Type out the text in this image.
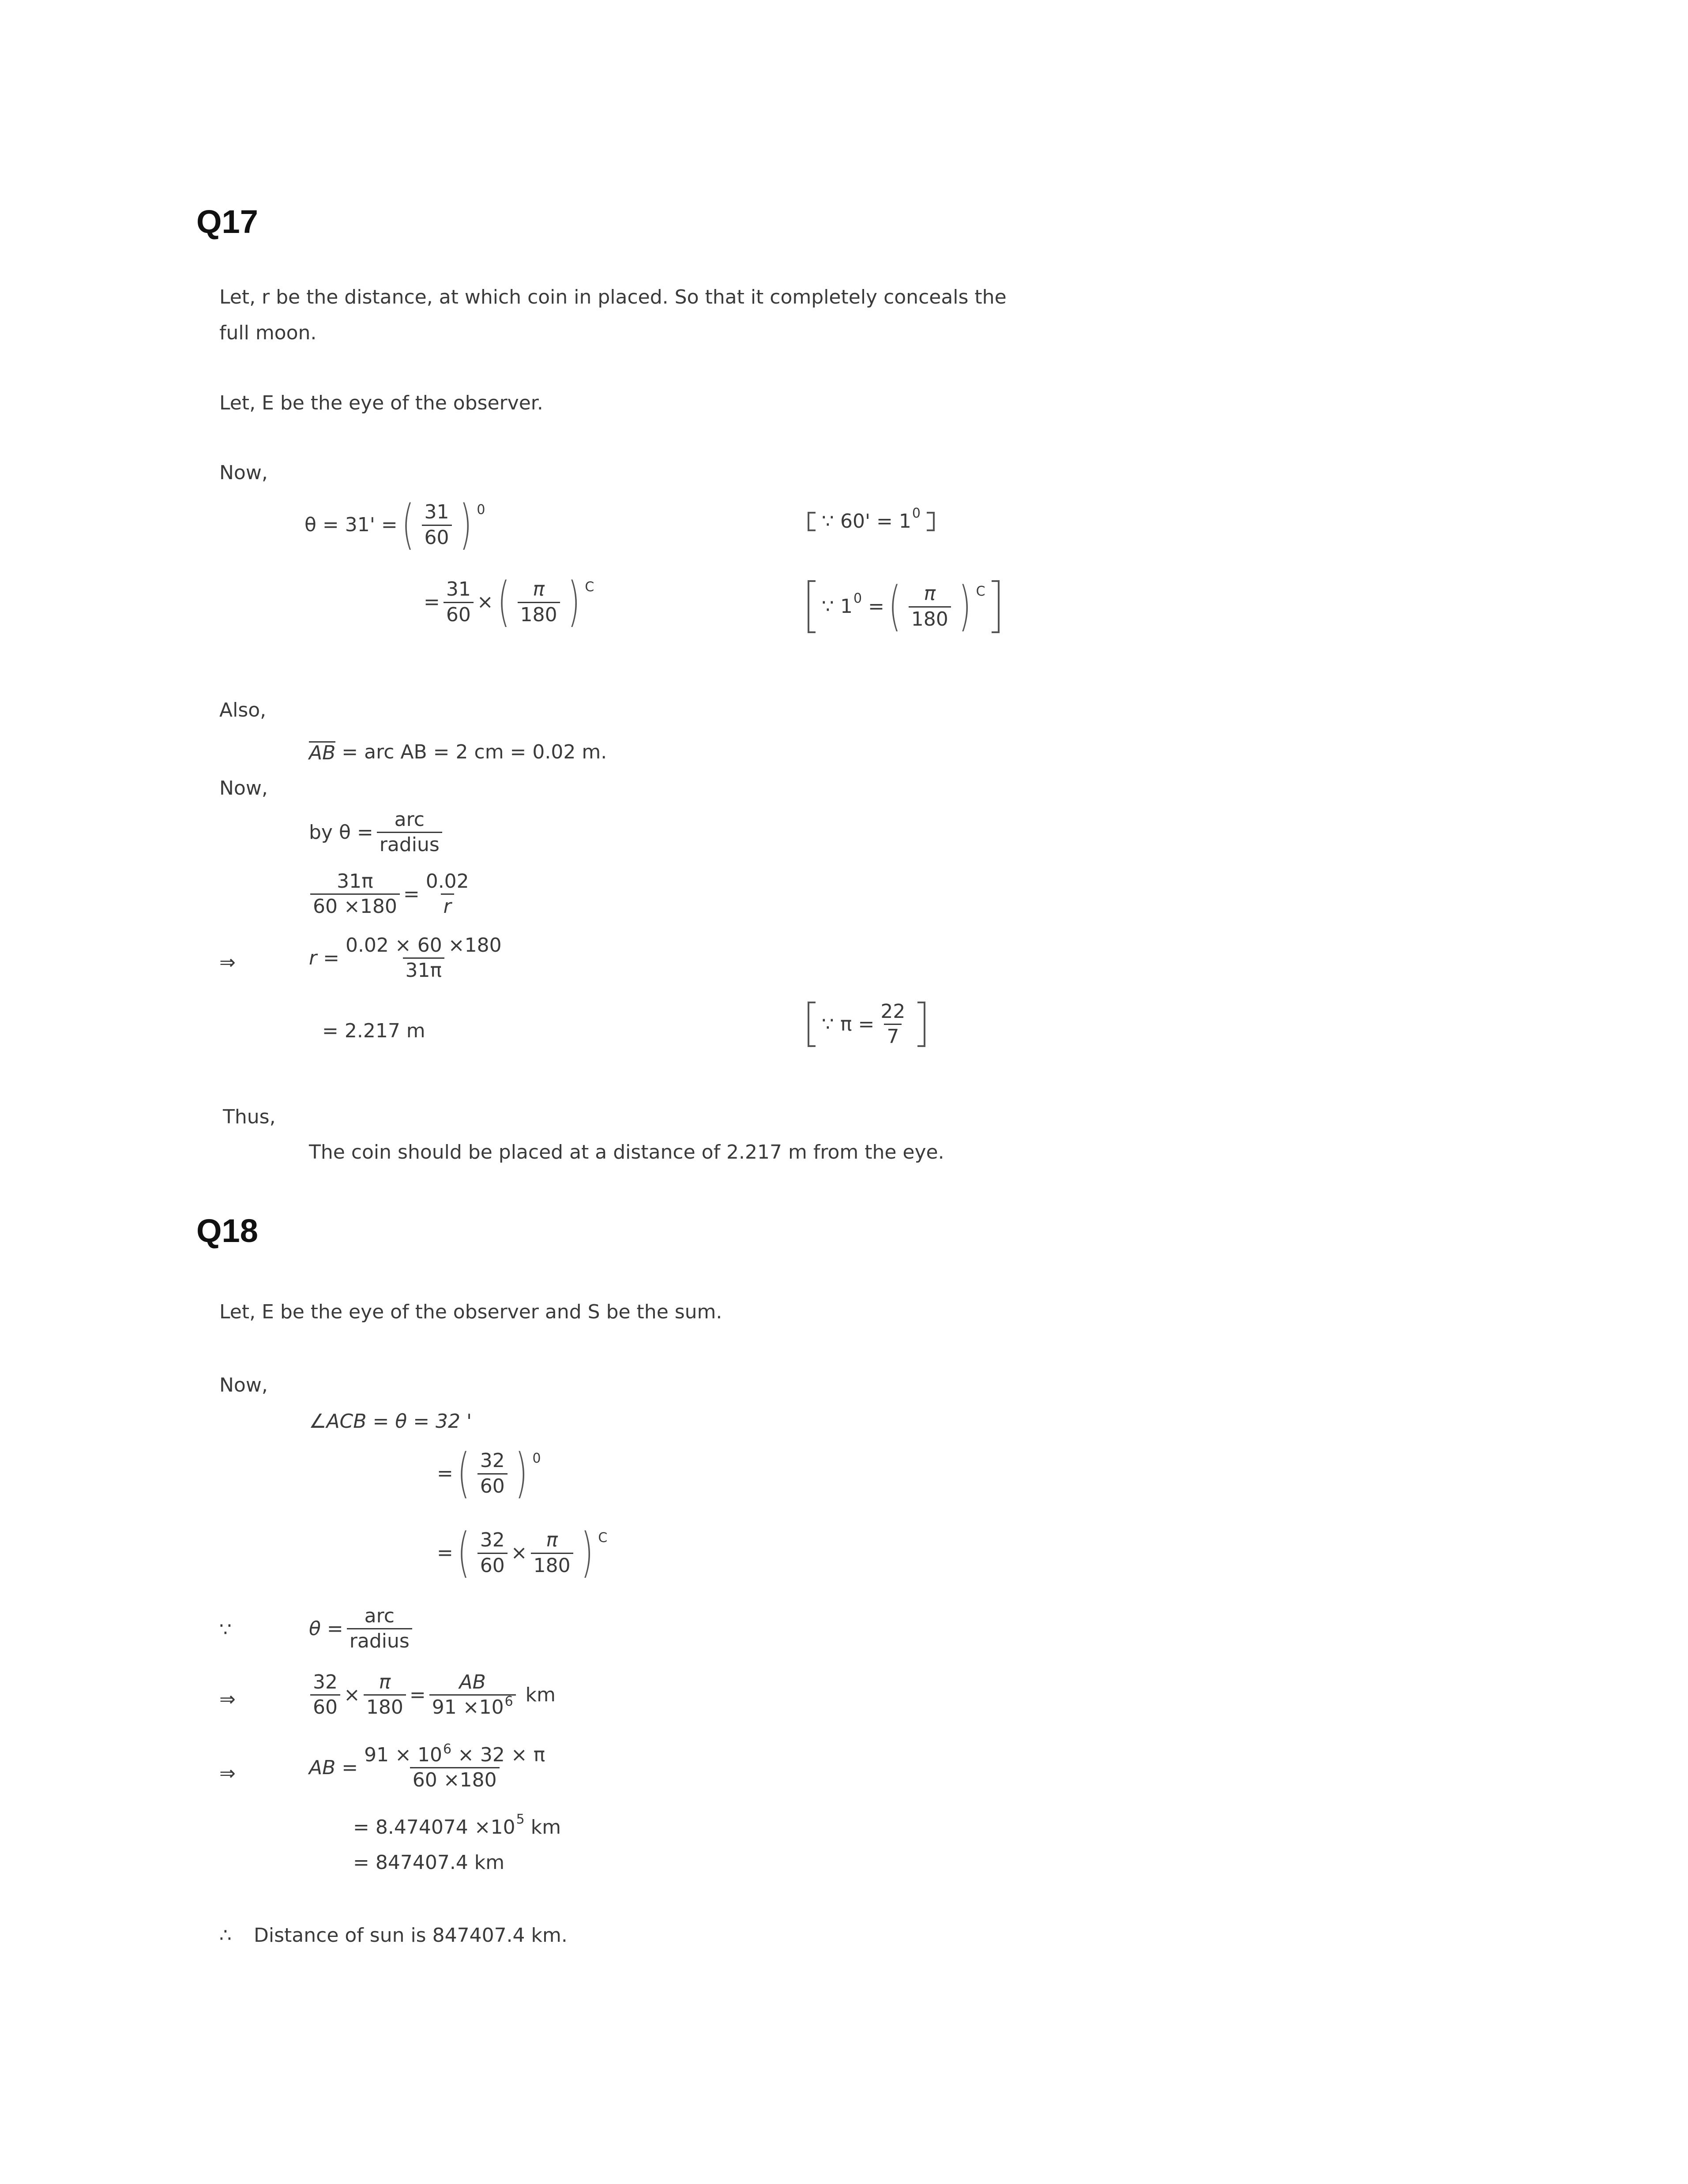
Q17
Let, r be the distance, at which coin in placed. So that it completely conceals the
full moon.
Let, E be the eye of the observer.
Now,
θ = 31' = ( $\frac{31}{60}$ ) 0
= $\frac{31}{60}$ × ( $\frac{\pi}{180}$ ) C
∵ 60' = 1 0
∵ 1 0 = ( $\frac{\pi}{180}$ ) C
Also,
AB = arc AB = 2 cm = 0.02 m.
Now,
by $\theta = \frac{\text{arc}}{\text{radius}}$
$\frac{31\pi}{60 \times 180} = \frac{0.02}{r}$
⇒	$r = \frac{0.02 \times 60 \times 180}{31\pi}$
= 2.217 m	∵ $\pi = \frac{22}{7}$
Thus,
The coin should be placed at a distance of 2.217 m from the eye.
Q18
Let, E be the eye of the observer and S be the sum.
Now,
∠ACB = θ = 32 '
= ( $\frac{32}{60}$ ) 0
= ( $\frac{32}{60} \times \frac{\pi}{180}$ ) C
∵	$\theta = \frac{\text{arc}}{\text{radius}}$
⇒	$\frac{32}{60} \times \frac{\pi}{180} = \frac{AB}{91 \times 10^6}$ km
⇒	AB = $\frac{91 \times 10^6 \times 32 \times \pi}{60 \times 180}$
= 8.474074 ×10 5 km
= 847407.4 km
∴ Distance of sun is 847407.4 km.
